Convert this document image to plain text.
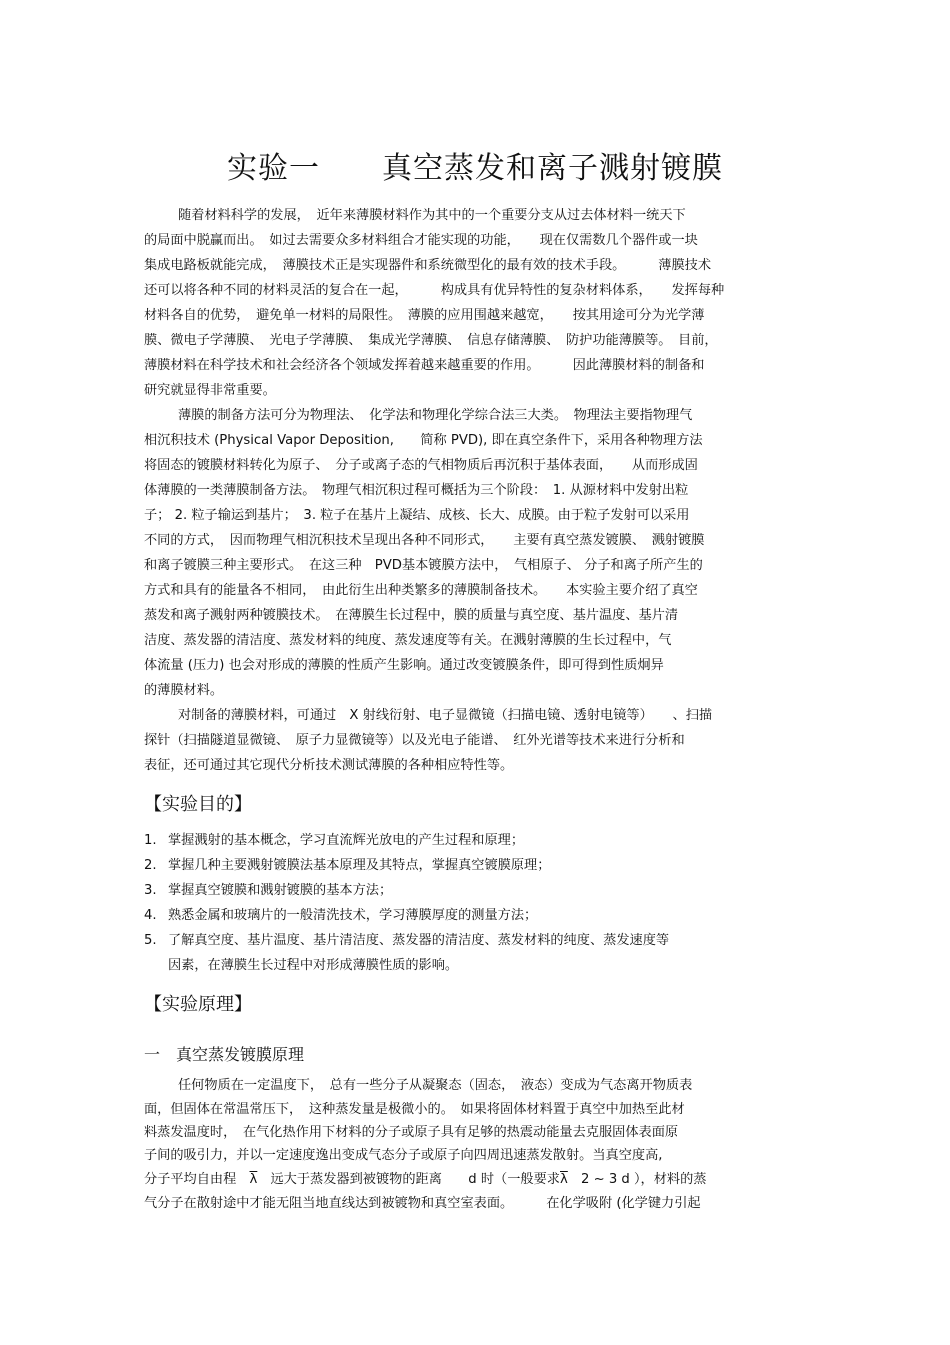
实验一　　真空蒸发和离子溅射镀膜
随着材料科学的发展，　近年来薄膜材料作为其中的一个重要分支从过去体材料一统天下
的局面中脱赢而出。　如过去需要众多材料组合才能实现的功能，　　现在仅需数几个器件或一块
集成电路板就能完成，　薄膜技术正是实现器件和系统微型化的最有效的技术手段。　　　薄膜技术
还可以将各种不同的材料灵活的复合在一起，　　　构成具有优异特性的复杂材料体系，　　发挥每种
材料各自的优势，　避免单一材料的局限性。　薄膜的应用围越来越宽，　　按其用途可分为光学薄
膜、微电子学薄膜、　光电子学薄膜、　集成光学薄膜、　信息存储薄膜、　防护功能薄膜等。　目前，
薄膜材料在科学技术和社会经济各个领域发挥着越来越重要的作用。　　　因此薄膜材料的制备和
研究就显得非常重要。
薄膜的制备方法可分为物理法、　化学法和物理化学综合法三大类。　物理法主要指物理气
相沉积技术 (Physical Vapor Deposition,　　简称 PVD), 即在真空条件下，采用各种物理方法
将固态的镀膜材料转化为原子、　分子或离子态的气相物质后再沉积于基体表面，　　从而形成固
体薄膜的一类薄膜制备方法。　物理气相沉积过程可概括为三个阶段：　1. 从源材料中发射出粒
子； 2. 粒子输运到基片；　3. 粒子在基片上凝结、成核、长大、成膜。由于粒子发射可以采用
不同的方式，　因而物理气相沉积技术呈现出各种不同形式，　　主要有真空蒸发镀膜、　溅射镀膜
和离子镀膜三种主要形式。　在这三种　PVD基本镀膜方法中，　气相原子、 分子和离子所产生的
方式和具有的能量各不相同，　由此衍生出种类繁多的薄膜制备技术。　　本实验主要介绍了真空
蒸发和离子溅射两种镀膜技术。　在薄膜生长过程中，膜的质量与真空度、基片温度、基片清
洁度、蒸发器的清洁度、蒸发材料的纯度、蒸发速度等有关。在溅射薄膜的生长过程中，气
体流量 (压力) 也会对形成的薄膜的性质产生影响。通过改变镀膜条件，即可得到性质炯异
的薄膜材料。
对制备的薄膜材料，可通过　X 射线衍射、电子显微镜（扫描电镜、透射电镜等）　　、扫描
探针（扫描隧道显微镜、　原子力显微镜等）以及光电子能谱、　红外光谱等技术来进行分析和
表征，还可通过其它现代分析技术测试薄膜的各种相应特性等。
【实验目的】
1. 掌握溅射的基本概念，学习直流辉光放电的产生过程和原理；
2. 掌握几种主要溅射镀膜法基本原理及其特点，掌握真空镀膜原理；
3. 掌握真空镀膜和溅射镀膜的基本方法；
4. 熟悉金属和玻璃片的一般清洗技术，学习薄膜厚度的测量方法；
5. 了解真空度、基片温度、基片清洁度、蒸发器的清洁度、蒸发材料的纯度、蒸发速度等
因素，在薄膜生长过程中对形成薄膜性质的影响。
【实验原理】
一　真空蒸发镀膜原理
任何物质在一定温度下，　总有一些分子从凝聚态（固态，　液态）变成为气态离开物质表
面，但固体在常温常压下，　这种蒸发量是极微小的。　如果将固体材料置于真空中加热至此材
料蒸发温度时，　在气化热作用下材料的分子或原子具有足够的热震动能量去克服固体表面原
子间的吸引力，并以一定速度逸出变成气态分子或原子向四周迅速蒸发散射。当真空度高,
分子平均自由程　$\overline{\lambda}$　远大于蒸发器到被镀物的距离　　d 时（一般要求$\overline{\lambda}$　2 ~ 3 d ），材料的蒸
气分子在散射途中才能无阻当地直线达到被镀物和真空室表面。　　　在化学吸附 (化学键力引起
